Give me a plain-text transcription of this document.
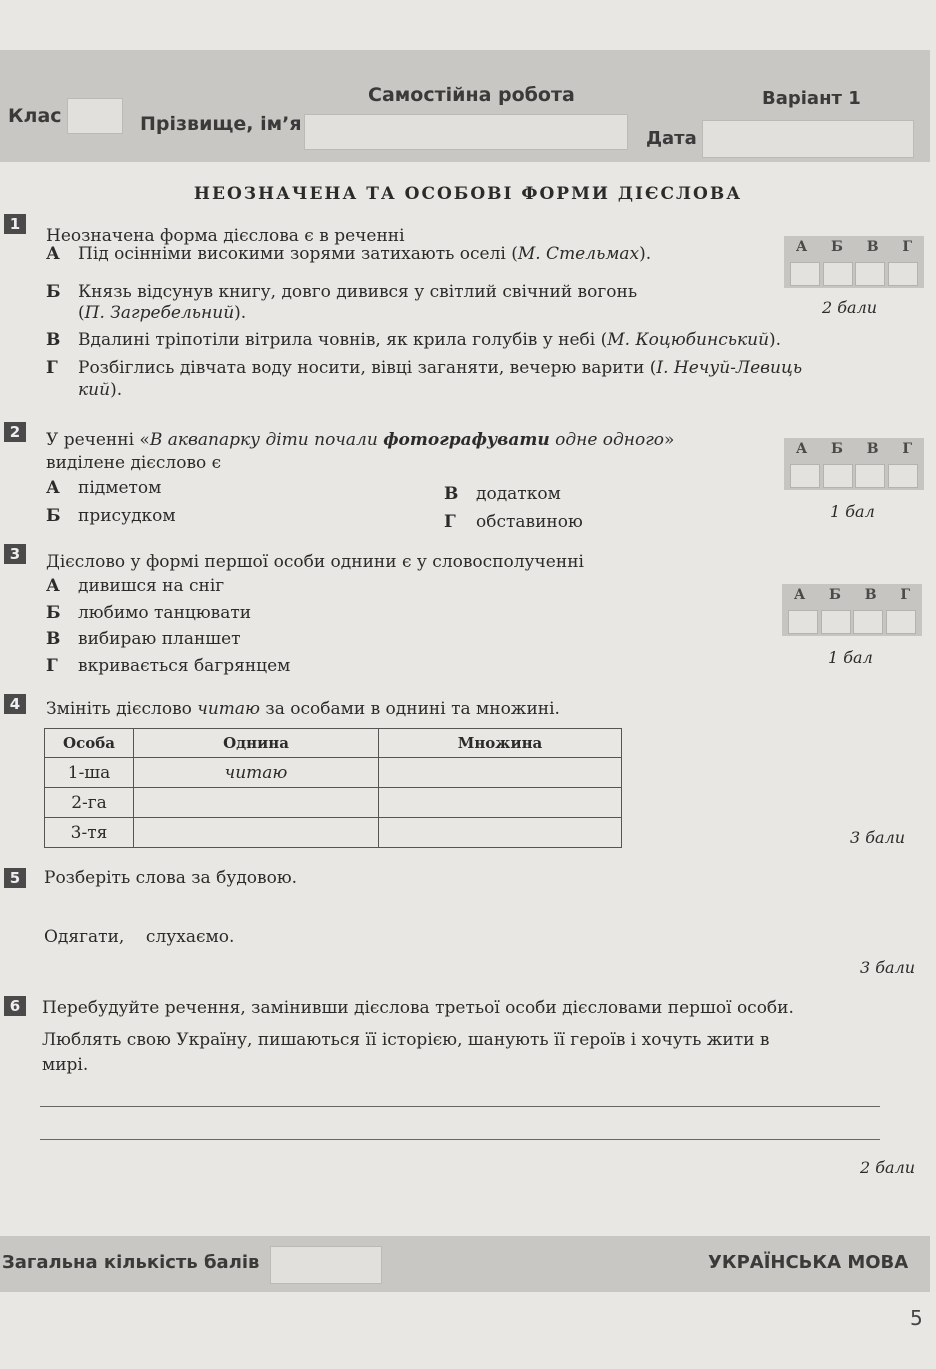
Самостійна робота	Варіант 1
Клас	Прізвище, ім’я
Дата
НЕОЗНАЧЕНА ТА ОСОБОВІ ФОРМИ ДІЄСЛОВА
1
Неозначена форма дієслова є в реченні
А Під осінніми високими зорями затихають оселі (М. Стельмах).
Б Князь відсунув книгу, довго дивився у світлий свічний вогонь
(П. Загребельний).
В Вдалині тріпотіли вітрила човнів, як крила голубів у небі (М. Коцюбинський).
Г Розбіглись дівчата воду носити, вівці заганяти, вечерю варити (І. Нечуй-Левиць
кий).
А Б В Г
2 бали
2	У реченні «В аквапарку діти почали фотографувати одне одного»
виділене дієслово є
А підметом
Б присудком
В додатком
Г обставиною
А Б В Г
1 бал
3	Дієслово у формі першої особи однини є у словосполученні
А дивишся на сніг
Б любимо танцювати
В вибираю планшет
Г вкривається багрянцем
А Б В Г
1 бал
4	Змініть дієслово читаю за особами в однині та множині.
Особа	Однина	Множина
1-ша	читаю	
2-га		
3-тя			3 бали
5	Розберіть слова за будовою.
Одягати,    слухаємо.
3 бали
6	Перебудуйте речення, замінивши дієслова третьої особи дієсловами першої особи.
Люблять свою Україну, пишаються її історією, шанують її героїв і хочуть жити в
мирі.
2 бали
Загальна кількість балів	УКРАЇНСЬКА МОВА
5
